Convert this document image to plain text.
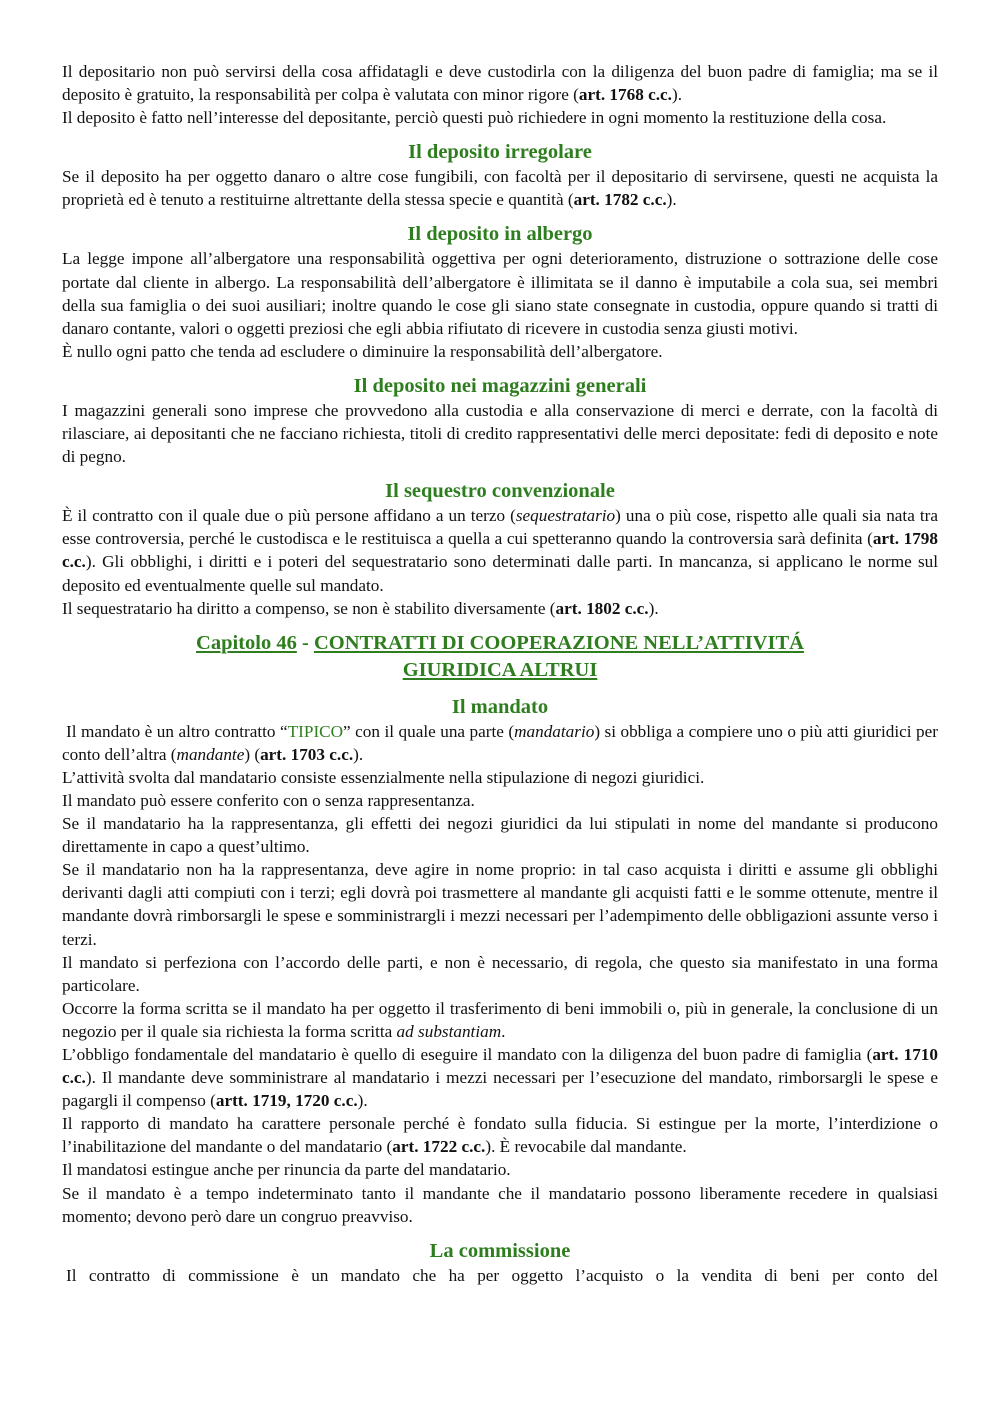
Il depositario non può servirsi della cosa affidatagli e deve custodirla con la diligenza del buon padre di famiglia; ma se il deposito è gratuito, la responsabilità per colpa è valutata con minor rigore (art. 1768 c.c.).

Il deposito è fatto nell’interesse del depositante, perciò questi può richiedere in ogni momento la restituzione della cosa.

Il deposito irregolare

Se il deposito ha per oggetto danaro o altre cose fungibili, con facoltà per il depositario di servirsene, questi ne acquista la proprietà ed è tenuto a restituirne altrettante della stessa specie e quantità (art. 1782 c.c.).

Il deposito in albergo

La legge impone all’albergatore una responsabilità oggettiva per ogni deterioramento, distruzione o sottrazione delle cose portate dal cliente in albergo. La responsabilità dell’albergatore è illimitata se il danno è imputabile a cola sua, sei membri della sua famiglia o dei suoi ausiliari; inoltre quando le cose gli siano state consegnate in custodia, oppure quando si tratti di danaro contante, valori o oggetti preziosi che egli abbia rifiutato di ricevere in custodia senza giusti motivi.

È nullo ogni patto che tenda ad escludere o diminuire la responsabilità dell’albergatore.

Il deposito nei magazzini generali

I magazzini generali sono imprese che provvedono alla custodia e alla conservazione di merci e derrate, con la facoltà di rilasciare, ai depositanti che ne facciano richiesta, titoli di credito rappresentativi delle merci depositate: fedi di deposito e note di pegno.

Il sequestro convenzionale

È il contratto con il quale due o più persone affidano a un terzo (sequestratario) una o più cose, rispetto alle quali sia nata tra esse controversia, perché le custodisca e le restituisca a quella a cui spetteranno quando la controversia sarà definita (art. 1798 c.c.). Gli obblighi, i diritti e i poteri del sequestratario sono determinati dalle parti. In mancanza, si applicano le norme sul deposito ed eventualmente quelle sul mandato.

Il sequestratario ha diritto a compenso, se non è stabilito diversamente (art. 1802 c.c.).

Capitolo 46 - CONTRATTI DI COOPERAZIONE NELL’ATTIVITÁ
GIURIDICA ALTRUI
Il mandato

Il mandato è un altro contratto “TIPICO” con il quale una parte (mandatario) si obbliga a compiere uno o più atti giuridici per conto dell’altra (mandante) (art. 1703 c.c.).

L’attività svolta dal mandatario consiste essenzialmente nella stipulazione di negozi giuridici.

Il mandato può essere conferito con o senza rappresentanza.

Se il mandatario ha la rappresentanza, gli effetti dei negozi giuridici da lui stipulati in nome del mandante si producono direttamente in capo a quest’ultimo.

Se il mandatario non ha la rappresentanza, deve agire in nome proprio: in tal caso acquista i diritti e assume gli obblighi derivanti dagli atti compiuti con i terzi; egli dovrà poi trasmettere al mandante gli acquisti fatti e le somme ottenute, mentre il mandante dovrà rimborsargli le spese e somministrargli i mezzi necessari per l’adempimento delle obbligazioni assunte verso i terzi.

Il mandato si perfeziona con l’accordo delle parti, e non è necessario, di regola, che questo sia manifestato in una forma particolare.

Occorre la forma scritta se il mandato ha per oggetto il trasferimento di beni immobili o, più in generale, la conclusione di un negozio per il quale sia richiesta la forma scritta ad substantiam.

L’obbligo fondamentale del mandatario è quello di eseguire il mandato con la diligenza del buon padre di famiglia (art. 1710 c.c.). Il mandante deve somministrare al mandatario i mezzi necessari per l’esecuzione del mandato, rimborsargli le spese e pagargli il compenso (artt. 1719, 1720 c.c.).

Il rapporto di mandato ha carattere personale perché è fondato sulla fiducia. Si estingue per la morte, l’interdizione o l’inabilitazione del mandante o del mandatario (art. 1722 c.c.). È revocabile dal mandante.

Il mandatosi estingue anche per rinuncia da parte del mandatario.

Se il mandato è a tempo indeterminato tanto il mandante che il mandatario possono liberamente recedere in qualsiasi momento; devono però dare un congruo preavviso.

La commissione

Il contratto di commissione è un mandato che ha per oggetto l’acquisto o la vendita di beni per conto del
